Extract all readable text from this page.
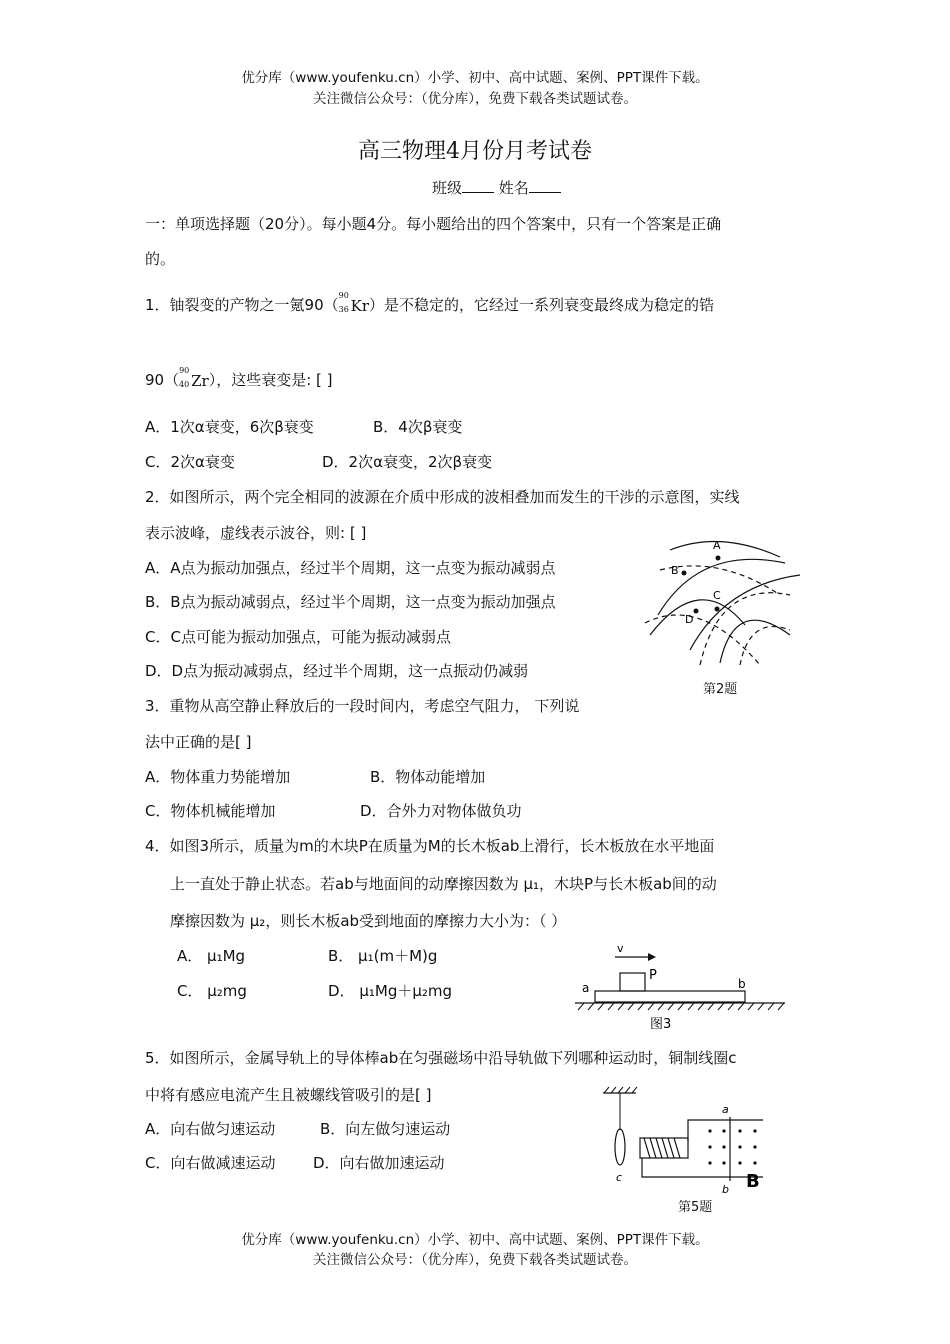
优分库（www.youfenku.cn）小学、初中、高中试题、案例、PPT课件下载。
关注微信公众号：（优分库），免费下载各类试题试卷。
高三物理4月份月考试卷
班级 姓名
一：单项选择题（20分）。每小题4分。每小题给出的四个答案中，只有一个答案是正确
的。
1．铀裂变的产物之一氪90（
90
36 Kr）是不稳定的，它经过一系列衰变最终成为稳定的锆
90（
90
40 Zr），这些衰变是: [ ]
A．1次α衰变，6次β衰变	B．4次β衰变
C．2次α衰变	D．2次α衰变，2次β衰变
2．如图所示，两个完全相同的波源在介质中形成的波相叠加而发生的干涉的示意图，实线
表示波峰，虚线表示波谷，则: [ ]
A．A点为振动加强点，经过半个周期，这一点变为振动减弱点
B．B点为振动减弱点，经过半个周期，这一点变为振动加强点
C．C点可能为振动加强点，可能为振动减弱点
D．D点为振动减弱点，经过半个周期，这一点振动仍减弱
A
B
C
D
第2题
3．重物从高空静止释放后的一段时间内，考虑空气阻力， 下列说
法中正确的是[ ]
A．物体重力势能增加	B．物体动能增加
C．物体机械能增加	D．合外力对物体做负功
4．如图3所示，质量为m的木块P在质量为M的长木板ab上滑行，长木板放在水平地面
上一直处于静止状态。若ab与地面间的动摩擦因数为 μ₁，木块P与长木板ab间的动
摩擦因数为 μ₂，则长木板ab受到地面的摩擦力大小为：（ ）
A． μ₁Mg	B． μ₁(m＋M)g
C． μ₂mg	D． μ₁Mg＋μ₂mg
v
P
a	b
图3
5．如图所示，金属导轨上的导体棒ab在匀强磁场中沿导轨做下列哪种运动时，铜制线圈c
中将有感应电流产生且被螺线管吸引的是[ ]
A．向右做匀速运动	B．向左做匀速运动
C．向右做减速运动	D．向右做加速运动
c
a
b B
第5题
优分库（www.youfenku.cn）小学、初中、高中试题、案例、PPT课件下载。
关注微信公众号：（优分库），免费下载各类试题试卷。
